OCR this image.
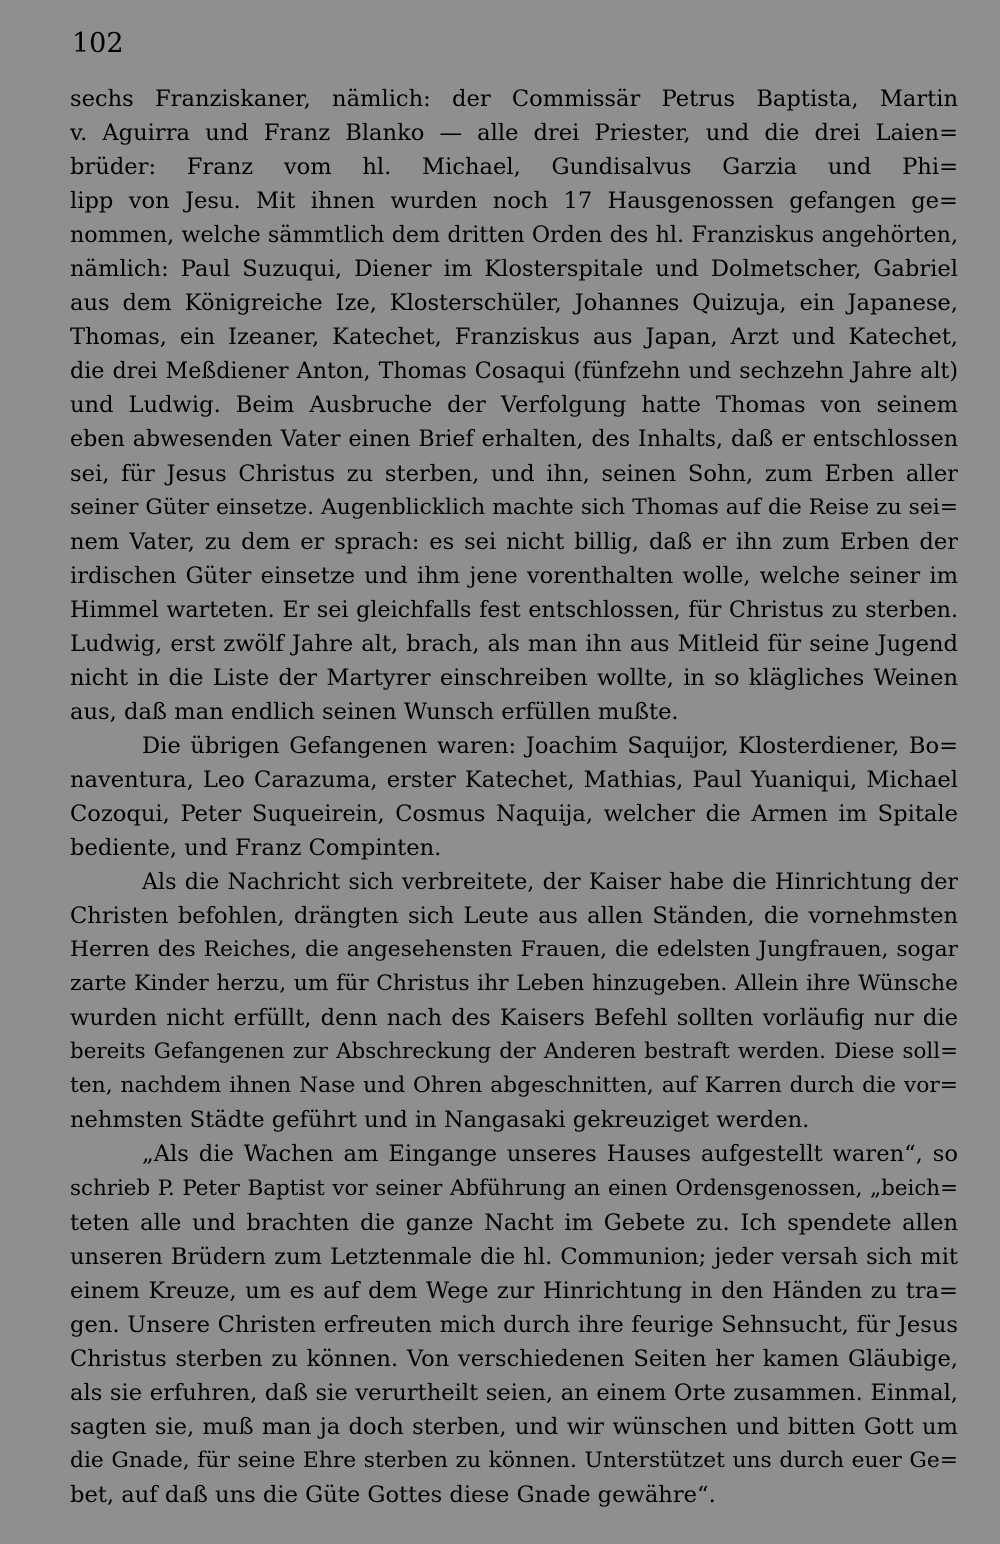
102
sechs Franziskaner, nämlich: der Commissär Petrus Baptista, Martin
v. Aguirra und Franz Blanko — alle drei Priester, und die drei Laien=
brüder: Franz vom hl. Michael, Gundisalvus Garzia und Phi=
lipp von Jesu. Mit ihnen wurden noch 17 Hausgenossen gefangen ge=
nommen, welche sämmtlich dem dritten Orden des hl. Franziskus angehörten,
nämlich: Paul Suzuqui, Diener im Klosterspitale und Dolmetscher, Gabriel
aus dem Königreiche Ize, Klosterschüler, Johannes Quizuja, ein Japanese,
Thomas, ein Izeaner, Katechet, Franziskus aus Japan, Arzt und Katechet,
die drei Meßdiener Anton, Thomas Cosaqui (fünfzehn und sechzehn Jahre alt)
und Ludwig. Beim Ausbruche der Verfolgung hatte Thomas von seinem
eben abwesenden Vater einen Brief erhalten, des Inhalts, daß er entschlossen
sei, für Jesus Christus zu sterben, und ihn, seinen Sohn, zum Erben aller
seiner Güter einsetze. Augenblicklich machte sich Thomas auf die Reise zu sei=
nem Vater, zu dem er sprach: es sei nicht billig, daß er ihn zum Erben der
irdischen Güter einsetze und ihm jene vorenthalten wolle, welche seiner im
Himmel warteten. Er sei gleichfalls fest entschlossen, für Christus zu sterben.
Ludwig, erst zwölf Jahre alt, brach, als man ihn aus Mitleid für seine Jugend
nicht in die Liste der Martyrer einschreiben wollte, in so klägliches Weinen
aus, daß man endlich seinen Wunsch erfüllen mußte.
Die übrigen Gefangenen waren: Joachim Saquijor, Klosterdiener, Bo=
naventura, Leo Carazuma, erster Katechet, Mathias, Paul Yuaniqui, Michael
Cozoqui, Peter Suqueirein, Cosmus Naquija, welcher die Armen im Spitale
bediente, und Franz Compinten.
Als die Nachricht sich verbreitete, der Kaiser habe die Hinrichtung der
Christen befohlen, drängten sich Leute aus allen Ständen, die vornehmsten
Herren des Reiches, die angesehensten Frauen, die edelsten Jungfrauen, sogar
zarte Kinder herzu, um für Christus ihr Leben hinzugeben. Allein ihre Wünsche
wurden nicht erfüllt, denn nach des Kaisers Befehl sollten vorläufig nur die
bereits Gefangenen zur Abschreckung der Anderen bestraft werden. Diese soll=
ten, nachdem ihnen Nase und Ohren abgeschnitten, auf Karren durch die vor=
nehmsten Städte geführt und in Nangasaki gekreuziget werden.
„Als die Wachen am Eingange unseres Hauses aufgestellt waren“, so
schrieb P. Peter Baptist vor seiner Abführung an einen Ordensgenossen, „beich=
teten alle und brachten die ganze Nacht im Gebete zu. Ich spendete allen
unseren Brüdern zum Letztenmale die hl. Communion; jeder versah sich mit
einem Kreuze, um es auf dem Wege zur Hinrichtung in den Händen zu tra=
gen. Unsere Christen erfreuten mich durch ihre feurige Sehnsucht, für Jesus
Christus sterben zu können. Von verschiedenen Seiten her kamen Gläubige,
als sie erfuhren, daß sie verurtheilt seien, an einem Orte zusammen. Einmal,
sagten sie, muß man ja doch sterben, und wir wünschen und bitten Gott um
die Gnade, für seine Ehre sterben zu können. Unterstützet uns durch euer Ge=
bet, auf daß uns die Güte Gottes diese Gnade gewähre“.
